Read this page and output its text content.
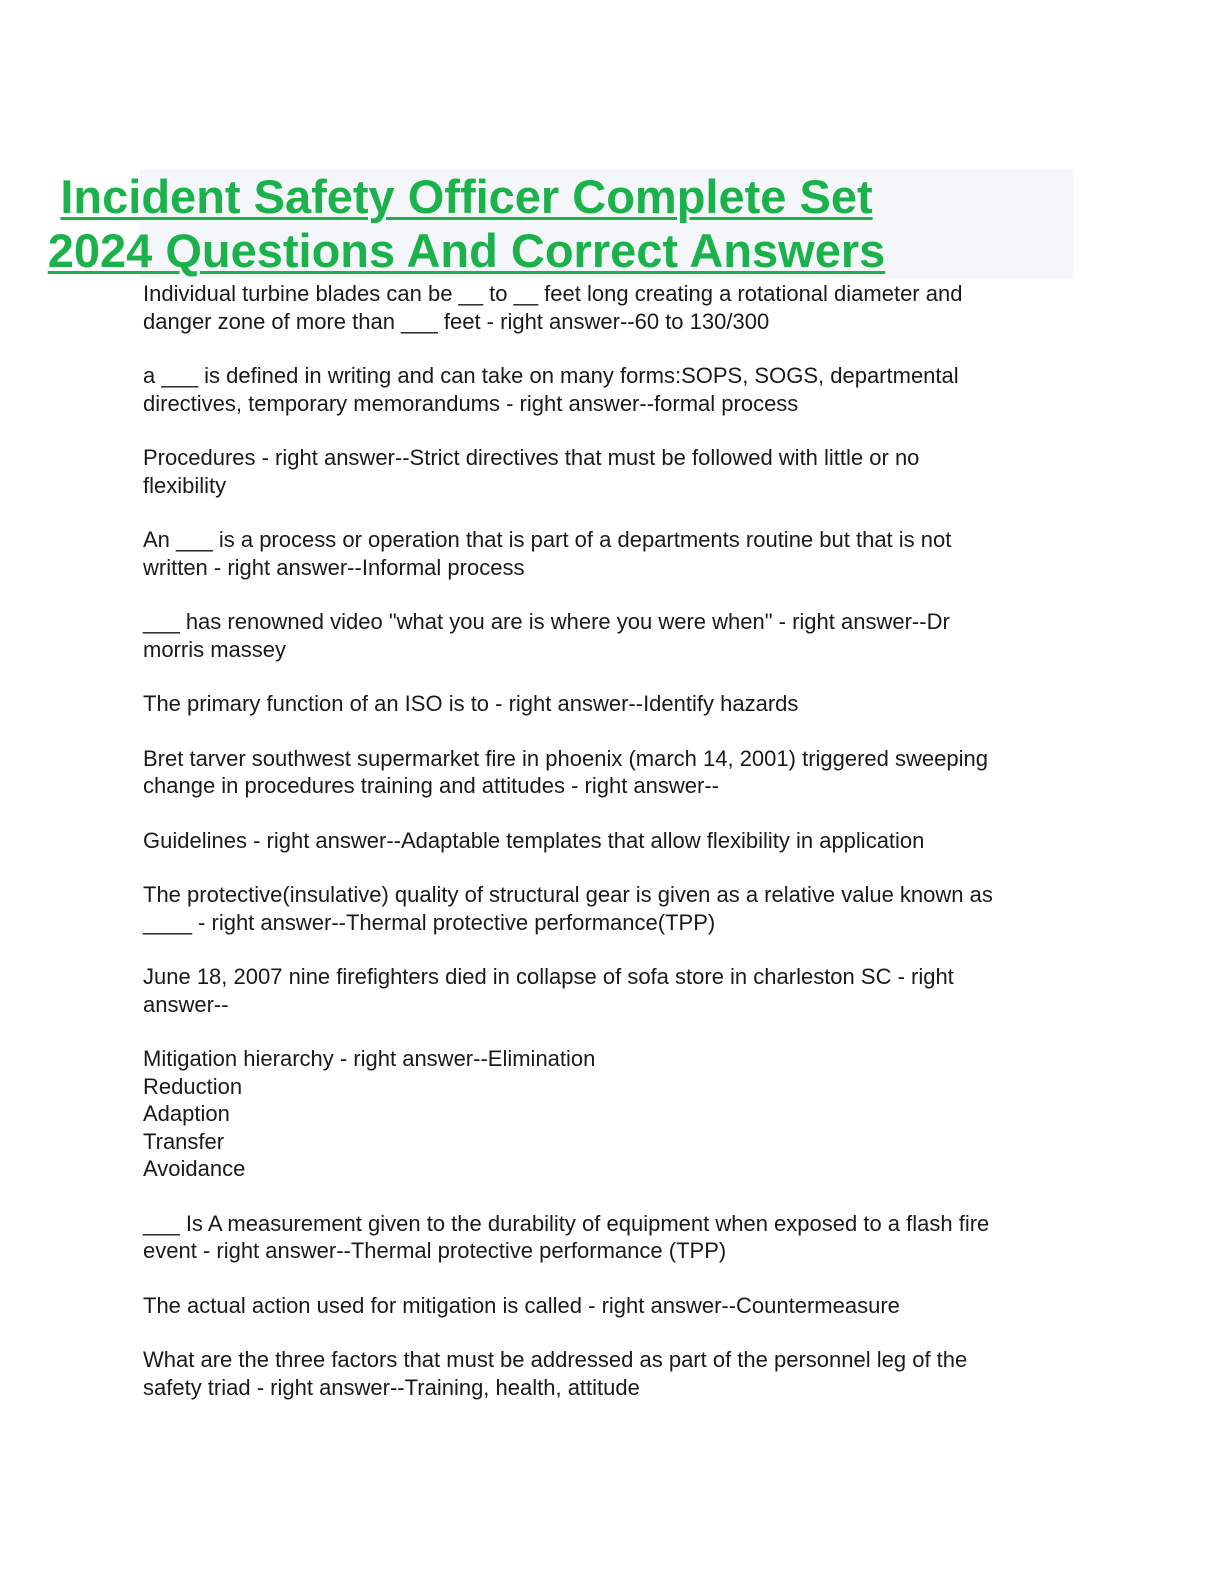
Incident Safety Officer Complete Set
2024 Questions And Correct Answers
Individual turbine blades can be __ to __ feet long creating a rotational diameter and
danger zone of more than ___ feet - right answer--60 to 130/300
a ___ is defined in writing and can take on many forms:SOPS, SOGS, departmental
directives, temporary memorandums - right answer--formal process
Procedures - right answer--Strict directives that must be followed with little or no
flexibility
An ___ is a process or operation that is part of a departments routine but that is not
written - right answer--Informal process
___ has renowned video "what you are is where you were when" - right answer--Dr
morris massey
The primary function of an ISO is to - right answer--Identify hazards
Bret tarver southwest supermarket fire in phoenix (march 14, 2001) triggered sweeping
change in procedures training and attitudes - right answer--
Guidelines - right answer--Adaptable templates that allow flexibility in application
The protective(insulative) quality of structural gear is given as a relative value known as
____ - right answer--Thermal protective performance(TPP)
June 18, 2007 nine firefighters died in collapse of sofa store in charleston SC - right
answer--
Mitigation hierarchy - right answer--Elimination
Reduction
Adaption
Transfer
Avoidance
___ Is A measurement given to the durability of equipment when exposed to a flash fire
event - right answer--Thermal protective performance (TPP)
The actual action used for mitigation is called - right answer--Countermeasure
What are the three factors that must be addressed as part of the personnel leg of the
safety triad - right answer--Training, health, attitude
